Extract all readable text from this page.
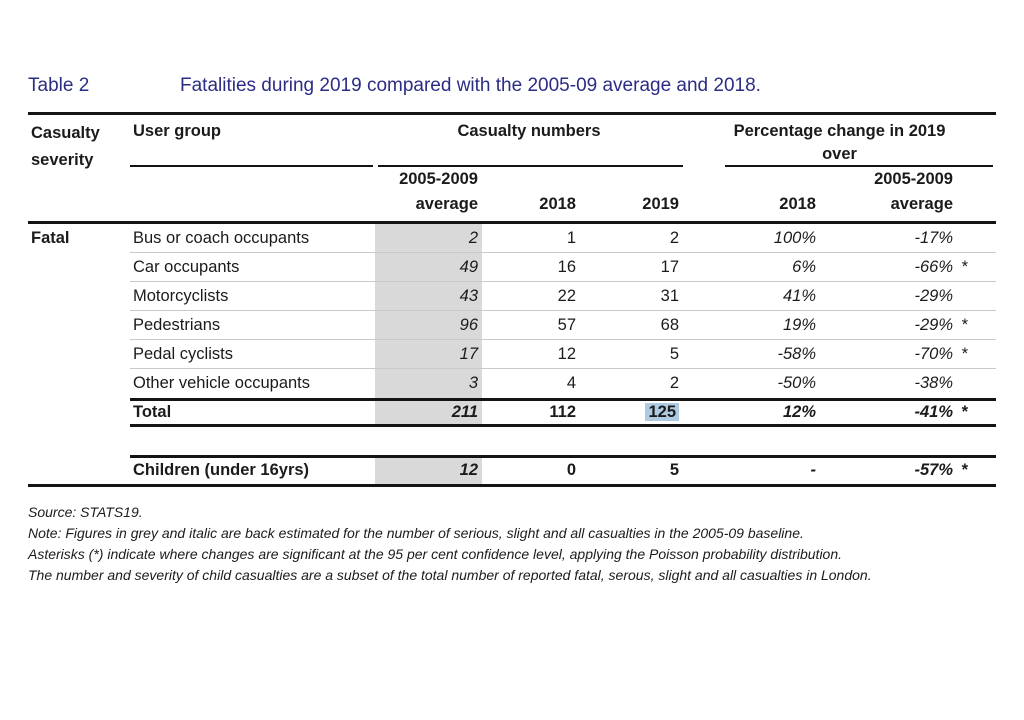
Table 2	Fatalities during 2019 compared with the 2005-09 average and 2018.
Casualty
severity
User group	Casualty numbers
2005-2009
average	2018	2019
Percentage change in 2019
over
2018
2005-2009
average
Fatal	Bus or coach occupants	2	1	2	100%	-17%
Car occupants	49	16	17	6%	-66% *
Motorcyclists	43	22	31	41%	-29%
Pedestrians	96	57	68	19%	-29% *
Pedal cyclists	17	12	5	-58%	-70% *
Other vehicle occupants	3	4	2	-50%	-38%
Total	211	112	125	12%	-41% *
Children (under 16yrs)	12	0	5	-	-57% *
Source: STATS19.
Note: Figures in grey and italic are back estimated for the number of serious, slight and all casualties in the 2005-09 baseline.
Asterisks (*) indicate where changes are significant at the 95 per cent confidence level, applying the Poisson probability distribution.
The number and severity of child casualties are a subset of the total number of reported fatal, serous, slight and all casualties in London.
